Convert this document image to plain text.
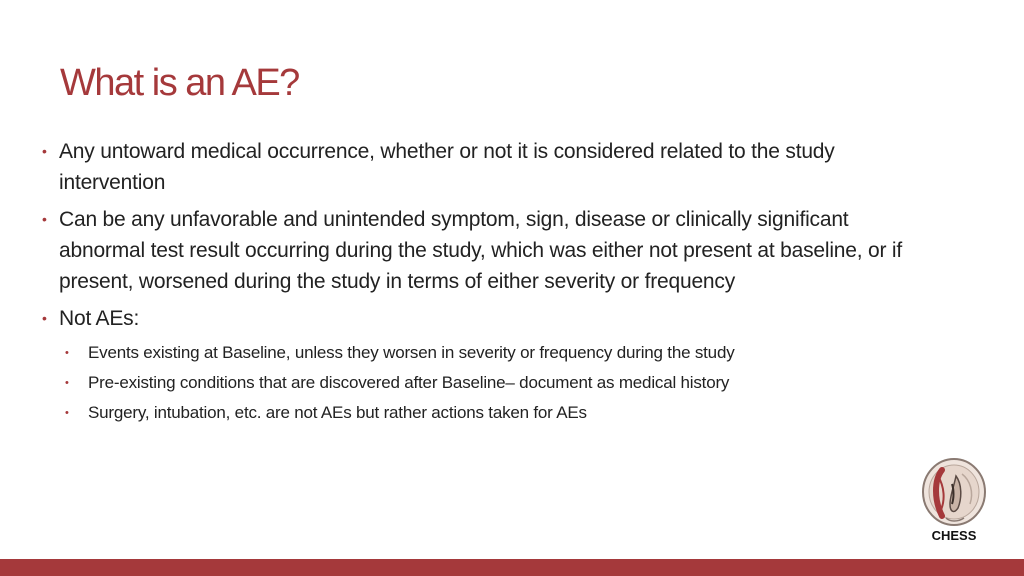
What is an AE?
• Any untoward medical occurrence, whether or not it is considered related to the study intervention
• Can be any unfavorable and unintended symptom, sign, disease or clinically significant abnormal test result occurring during the study, which was either not present at baseline, or if present, worsened during the study in terms of either severity or frequency
• Not AEs:
• Events existing at Baseline, unless they worsen in severity or frequency during the study
• Pre-existing conditions that are discovered after Baseline– document as medical history
• Surgery, intubation, etc. are not AEs but rather actions taken for AEs
CHESS
